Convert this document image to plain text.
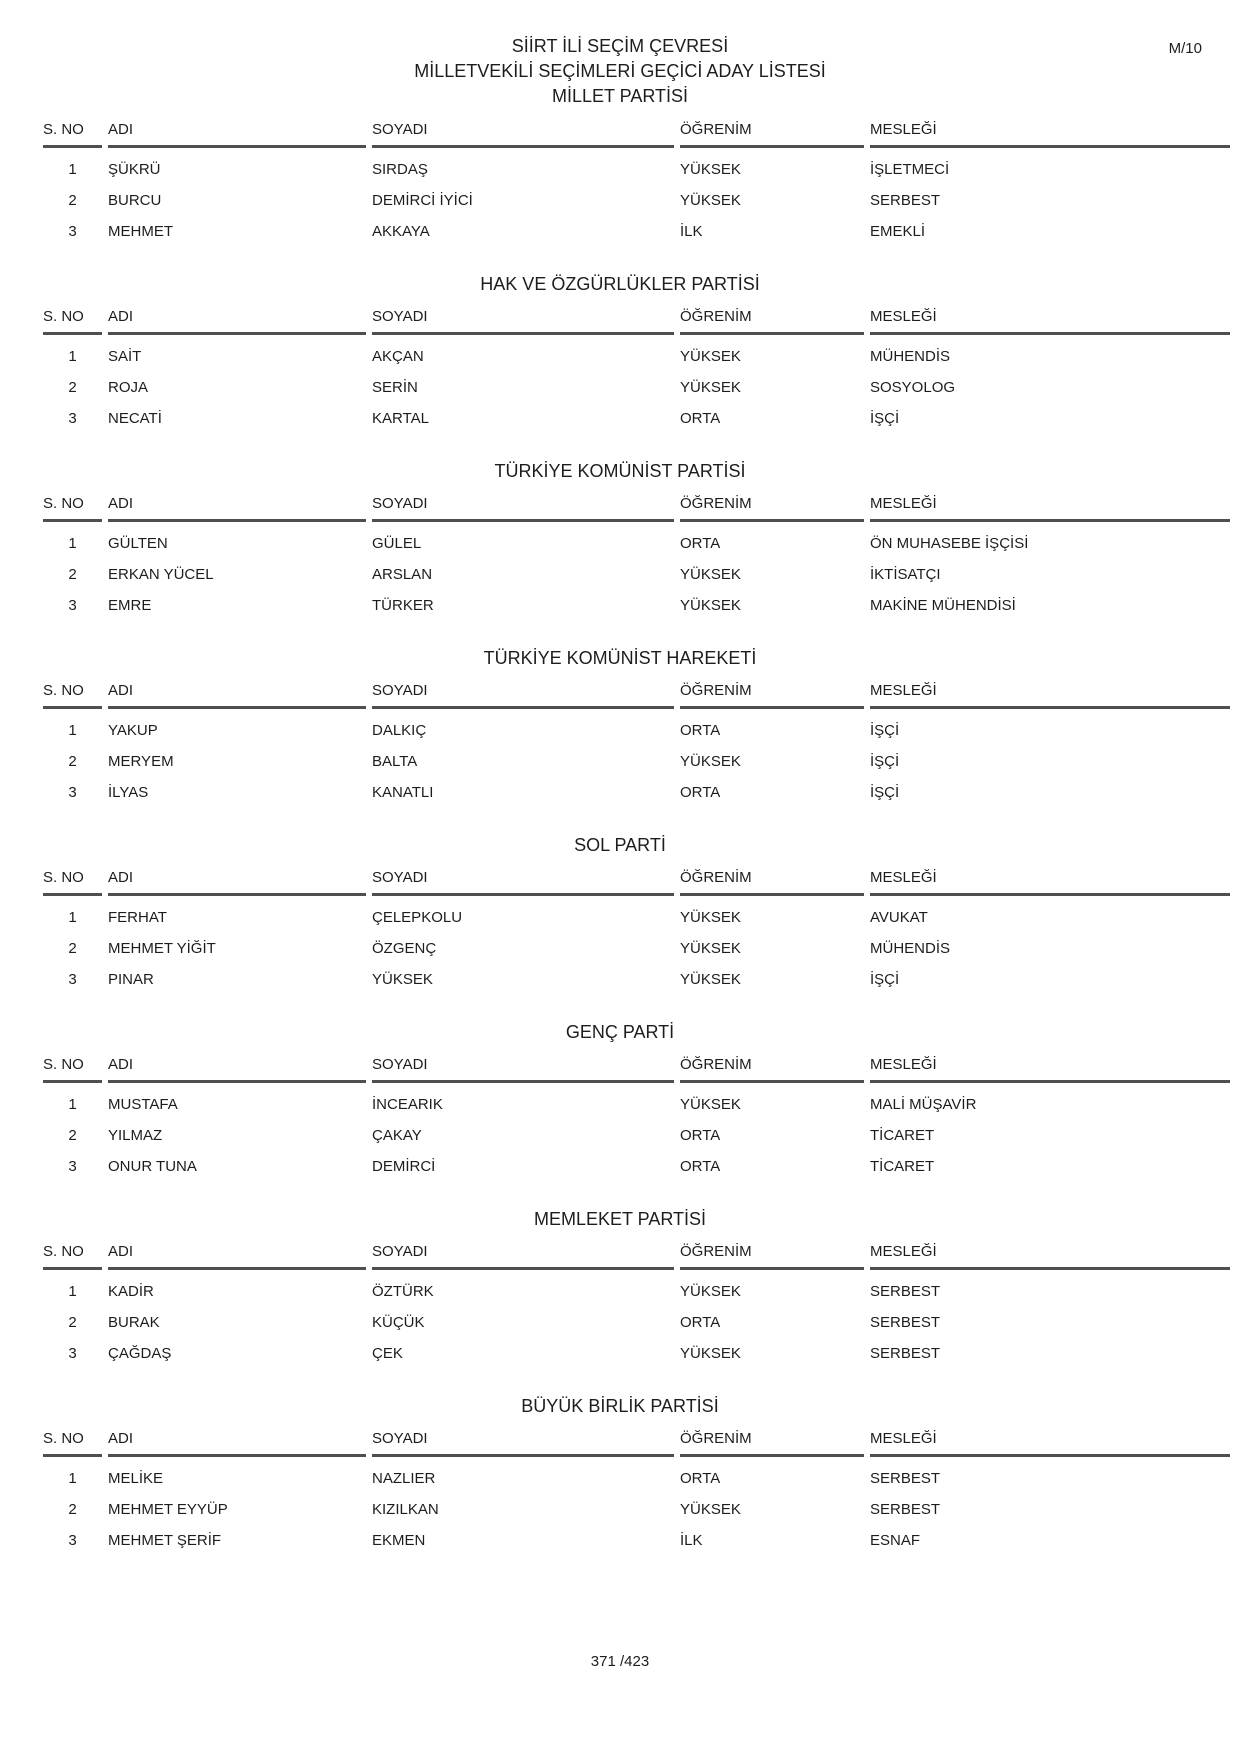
M/10
SİİRT İLİ SEÇİM ÇEVRESİ
MİLLETVEKİLİ SEÇİMLERİ GEÇİCİ ADAY LİSTESİ
MİLLET PARTİSİ
S. NO	ADI	SOYADI	ÖĞRENİM	MESLEĞİ
1	ŞÜKRÜ	SIRDAŞ	YÜKSEK	İŞLETMECİ
2	BURCU	DEMİRCİ İYİCİ	YÜKSEK	SERBEST
3	MEHMET	AKKAYA	İLK	EMEKLİ
HAK VE ÖZGÜRLÜKLER PARTİSİ
S. NO	ADI	SOYADI	ÖĞRENİM	MESLEĞİ
1	SAİT	AKÇAN	YÜKSEK	MÜHENDİS
2	ROJA	SERİN	YÜKSEK	SOSYOLOG
3	NECATİ	KARTAL	ORTA	İŞÇİ
TÜRKİYE KOMÜNİST PARTİSİ
S. NO	ADI	SOYADI	ÖĞRENİM	MESLEĞİ
1	GÜLTEN	GÜLEL	ORTA	ÖN MUHASEBE İŞÇİSİ
2	ERKAN YÜCEL	ARSLAN	YÜKSEK	İKTİSATÇI
3	EMRE	TÜRKER	YÜKSEK	MAKİNE MÜHENDİSİ
TÜRKİYE KOMÜNİST HAREKETİ
S. NO	ADI	SOYADI	ÖĞRENİM	MESLEĞİ
1	YAKUP	DALKIÇ	ORTA	İŞÇİ
2	MERYEM	BALTA	YÜKSEK	İŞÇİ
3	İLYAS	KANATLI	ORTA	İŞÇİ
SOL PARTİ
S. NO	ADI	SOYADI	ÖĞRENİM	MESLEĞİ
1	FERHAT	ÇELEPKOLU	YÜKSEK	AVUKAT
2	MEHMET YİĞİT	ÖZGENÇ	YÜKSEK	MÜHENDİS
3	PINAR	YÜKSEK	YÜKSEK	İŞÇİ
GENÇ PARTİ
S. NO	ADI	SOYADI	ÖĞRENİM	MESLEĞİ
1	MUSTAFA	İNCEARIK	YÜKSEK	MALİ MÜŞAVİR
2	YILMAZ	ÇAKAY	ORTA	TİCARET
3	ONUR TUNA	DEMİRCİ	ORTA	TİCARET
MEMLEKET PARTİSİ
S. NO	ADI	SOYADI	ÖĞRENİM	MESLEĞİ
1	KADİR	ÖZTÜRK	YÜKSEK	SERBEST
2	BURAK	KÜÇÜK	ORTA	SERBEST
3	ÇAĞDAŞ	ÇEK	YÜKSEK	SERBEST
BÜYÜK BİRLİK PARTİSİ
S. NO	ADI	SOYADI	ÖĞRENİM	MESLEĞİ
1	MELİKE	NAZLIER	ORTA	SERBEST
2	MEHMET EYYÜP	KIZILKAN	YÜKSEK	SERBEST
3	MEHMET ŞERİF	EKMEN	İLK	ESNAF
371 /423
